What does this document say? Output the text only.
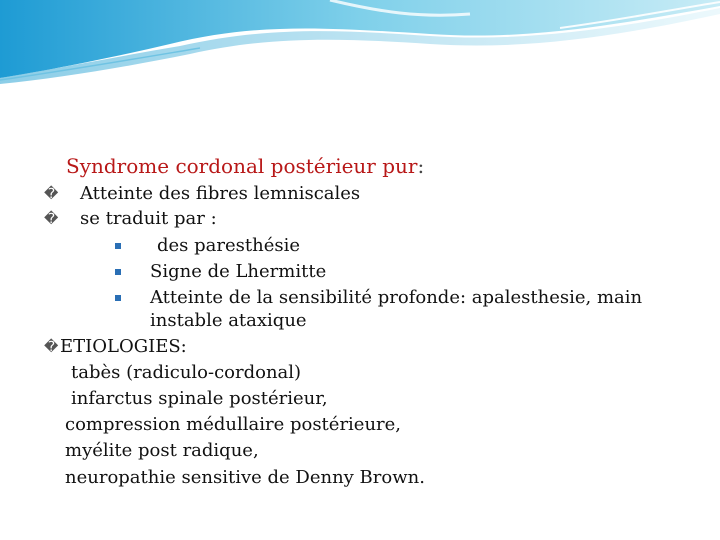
Syndrome cordonal postérieur pur:
� Atteinte des fibres lemniscales
� se traduit par :
des paresthésie
Signe de Lhermitte
Atteinte de la sensibilité profonde: apalesthesie, main
instable ataxique
� ETIOLOGIES:
tabès (radiculo-cordonal)
infarctus spinale postérieur,
compression médullaire postérieure,
myélite post radique,
neuropathie sensitive de Denny Brown.
